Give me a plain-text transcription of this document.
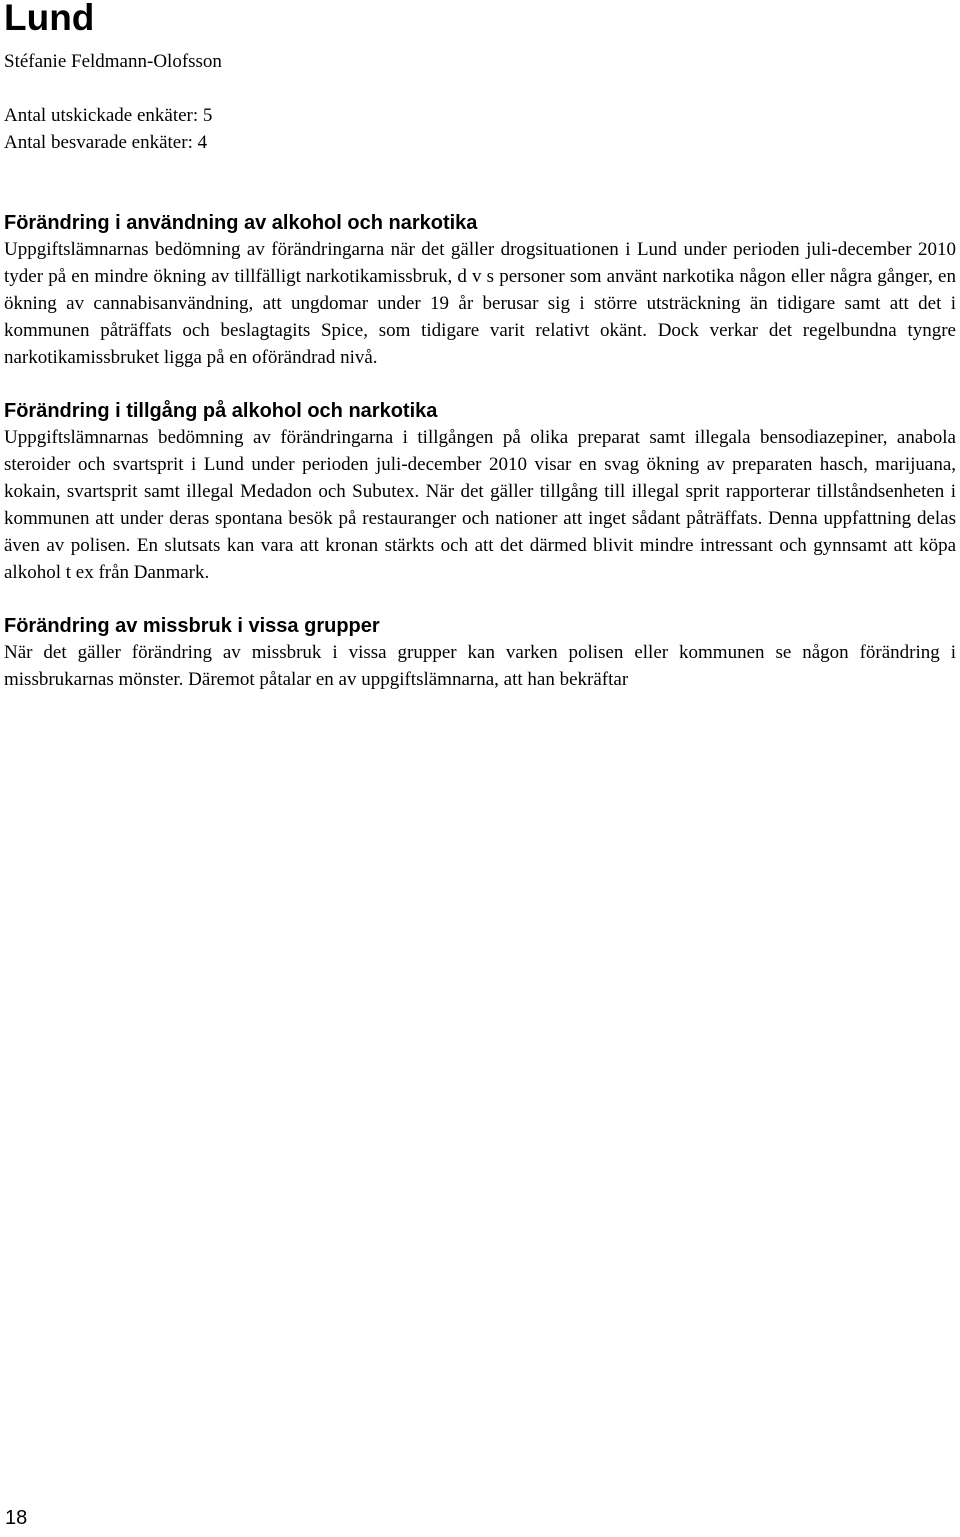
Lund
Stéfanie Feldmann-Olofsson
Antal utskickade enkäter: 5
Antal besvarade enkäter: 4
Förändring i användning av alkohol och narkotika

Uppgiftslämnarnas bedömning av förändringarna när det gäller drogsituationen i Lund under perioden juli-december 2010 tyder på en mindre ökning av tillfälligt narkotikamissbruk, d v s personer som använt narkotika någon eller några gånger, en ökning av cannabisanvändning, att ungdomar under 19 år berusar sig i större utsträckning än tidigare samt att det i kommunen påträffats och beslagtagits Spice, som tidigare varit relativt okänt. Dock verkar det regelbundna tyngre narkotikamissbruket ligga på en oförändrad nivå.

Förändring i tillgång på alkohol och narkotika

Uppgiftslämnarnas bedömning av förändringarna i tillgången på olika preparat samt illegala bensodiazepiner, anabola steroider och svartsprit i Lund under perioden juli-december 2010 visar en svag ökning av preparaten hasch, marijuana, kokain, svartsprit samt illegal Medadon och Subutex. När det gäller tillgång till illegal sprit rapporterar tillståndsenheten i kommunen att under deras spontana besök på restauranger och nationer att inget sådant påträffats. Denna uppfattning delas även av polisen. En slutsats kan vara att kronan stärkts och att det därmed blivit mindre intressant och gynnsamt att köpa alkohol t ex från Danmark.

Förändring av missbruk i vissa grupper

När det gäller förändring av missbruk i vissa grupper kan varken polisen eller kommunen se någon förändring i missbrukarnas mönster. Däremot påtalar en av uppgiftslämnarna, att han bekräftar

18
